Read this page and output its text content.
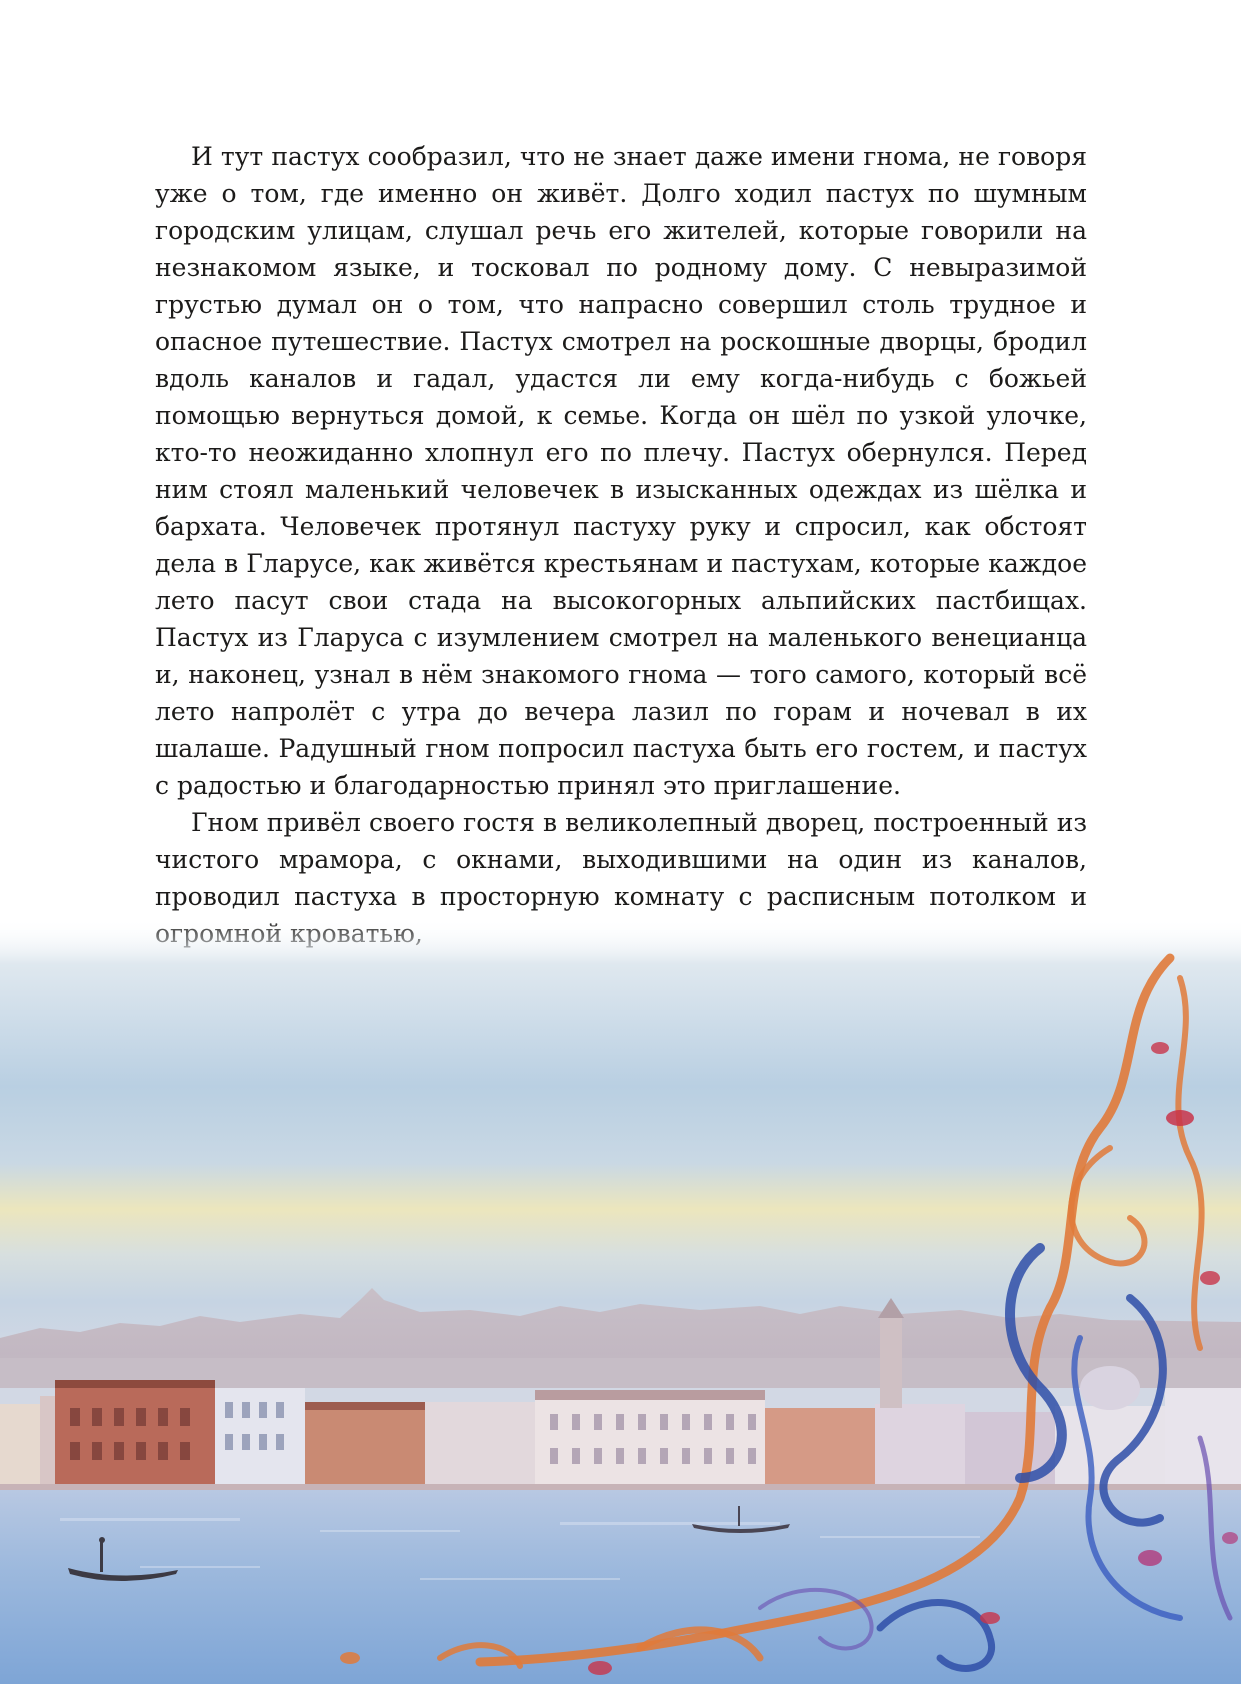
И тут пастух сообразил, что не знает даже имени гнома, не говоря уже о том, где именно он живёт. Долго ходил пастух по шумным городским улицам, слушал речь его жителей, которые говорили на незнакомом языке, и тосковал по родному дому. С невыразимой грустью думал он о том, что напрасно совершил столь трудное и опасное путешествие. Пастух смотрел на роскошные дворцы, бродил вдоль каналов и гадал, удастся ли ему когда-нибудь с божьей помощью вернуться домой, к семье. Когда он шёл по узкой улочке, кто-то неожиданно хлопнул его по плечу. Пастух обернулся. Перед ним стоял маленький человечек в изысканных одеждах из шёлка и бархата. Человечек протянул пастуху руку и спросил, как обстоят дела в Гларусе, как живётся крестьянам и пастухам, которые каждое лето пасут свои стада на высокогорных альпийских пастбищах. Пастух из Гларуса с изумлением смотрел на маленького венецианца и, наконец, узнал в нём знакомого гнома — того самого, который всё лето напролёт с утра до вечера лазил по горам и ночевал в их шалаше. Радушный гном попросил пастуха быть его гостем, и пастух с радостью и благодарностью принял это приглашение.

Гном привёл своего гостя в великолепный дворец, построенный из чистого мрамора, с окнами, выходившими на один из каналов, проводил пастуха в просторную комнату с расписным потолком и
